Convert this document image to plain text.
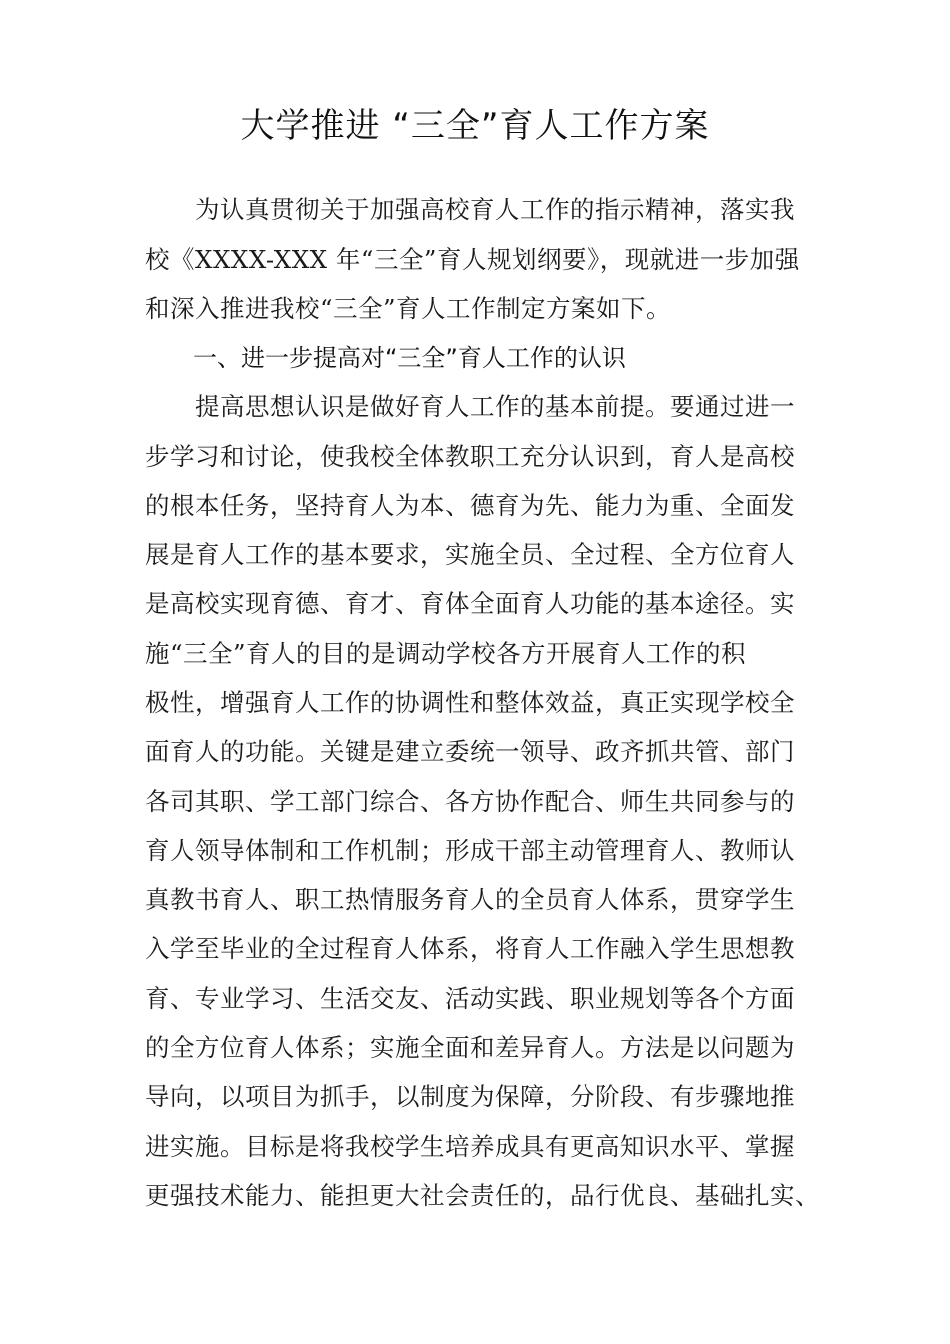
大学推进 “三全”育人工作方案
　　为认真贯彻关于加强高校育人工作的指示精神，落实我
校《XXXX-XXX 年“三全”育人规划纲要》，现就进一步加强
和深入推进我校“三全”育人工作制定方案如下。
一、进一步提高对“三全”育人工作的认识
　　提高思想认识是做好育人工作的基本前提。要通过进一
步学习和讨论，使我校全体教职工充分认识到，育人是高校
的根本任务，坚持育人为本、德育为先、能力为重、全面发
展是育人工作的基本要求，实施全员、全过程、全方位育人
是高校实现育德、育才、育体全面育人功能的基本途径。实
施“三全”育人的目的是调动学校各方开展育人工作的积
极性，增强育人工作的协调性和整体效益，真正实现学校全
面育人的功能。关键是建立委统一领导、政齐抓共管、部门
各司其职、学工部门综合、各方协作配合、师生共同参与的
育人领导体制和工作机制；形成干部主动管理育人、教师认
真教书育人、职工热情服务育人的全员育人体系，贯穿学生
入学至毕业的全过程育人体系，将育人工作融入学生思想教
育、专业学习、生活交友、活动实践、职业规划等各个方面
的全方位育人体系；实施全面和差异育人。方法是以问题为
导向，以项目为抓手，以制度为保障，分阶段、有步骤地推
进实施。目标是将我校学生培养成具有更高知识水平、掌握
更强技术能力、能担更大社会责任的，品行优良、基础扎实、
